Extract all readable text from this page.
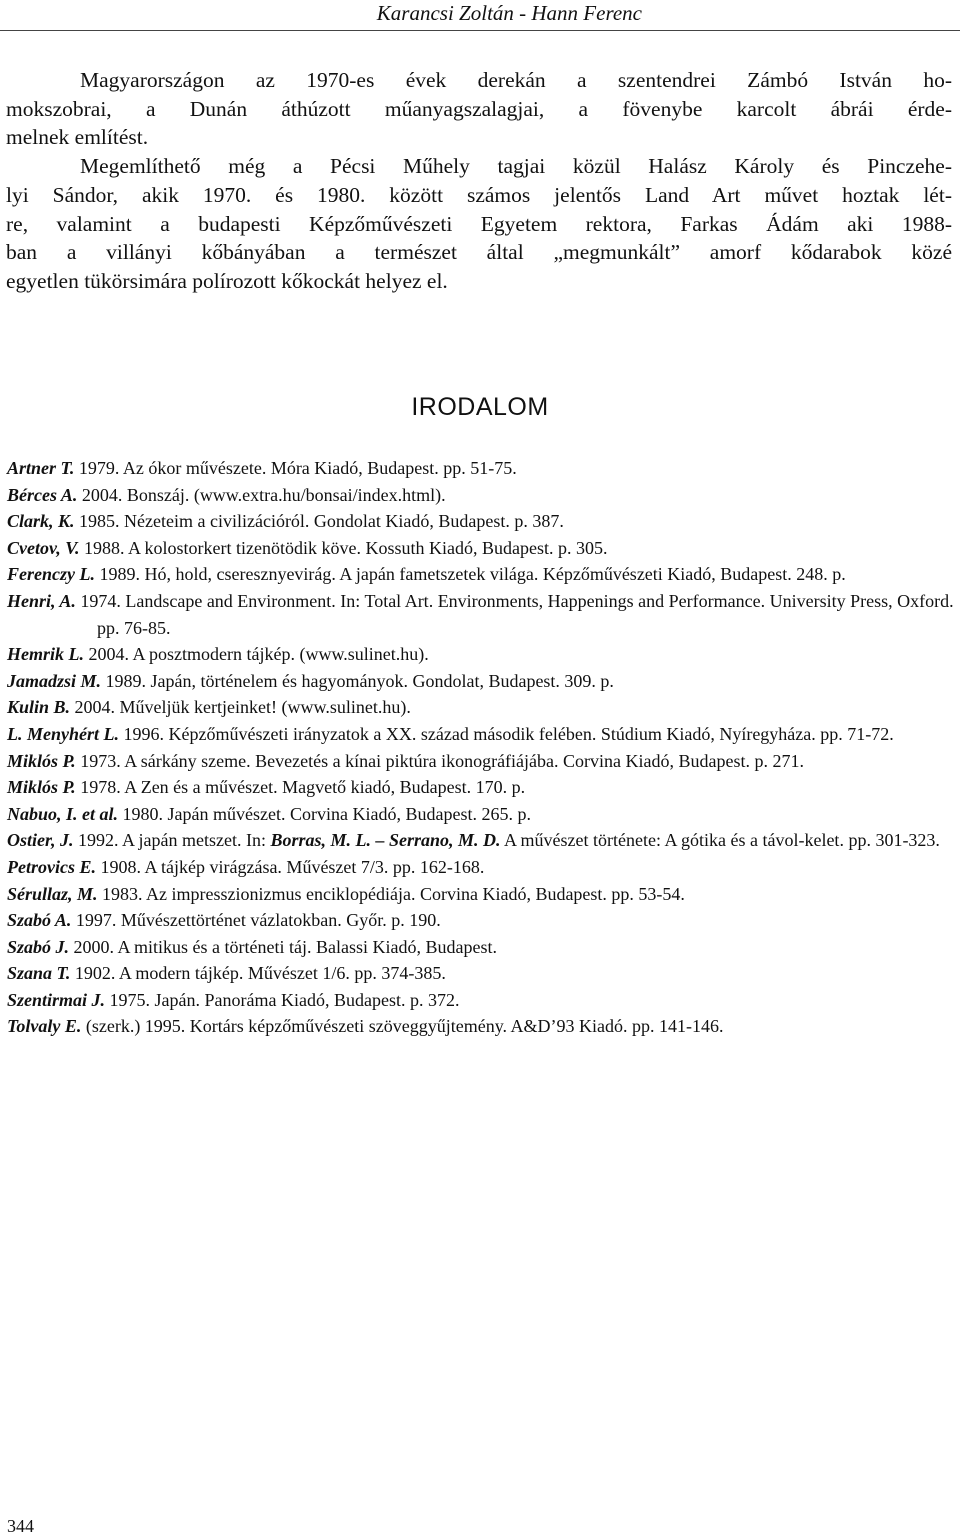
Karancsi Zoltán - Hann Ferenc

Magyarországon az 1970-es évek derekán a szentendrei Zámbó István ho-
mokszobrai, a Dunán áthúzott műanyagszalagjai, a fövenybe karcolt ábrái érde-
melnek említést.

Megemlíthető még a Pécsi Műhely tagjai közül Halász Károly és Pinczehe-
lyi Sándor, akik 1970. és 1980. között számos jelentős Land Art művet hoztak lét-
re, valamint a budapesti Képzőművészeti Egyetem rektora, Farkas Ádám aki 1988-
ban a villányi kőbányában a természet által „megmunkált” amorf kődarabok közé
egyetlen tükörsimára polírozott kőkockát helyez el.

IRODALOM

Artner T. 1979. Az ókor művészete. Móra Kiadó, Budapest. pp. 51-75.

Bérces A. 2004. Bonszáj. (www.extra.hu/bonsai/index.html).

Clark, K. 1985. Nézeteim a civilizációról. Gondolat Kiadó, Budapest. p. 387.

Cvetov, V. 1988. A kolostorkert tizenötödik köve. Kossuth Kiadó, Budapest. p. 305.

Ferenczy L. 1989. Hó, hold, cseresznyevirág. A japán fametszetek világa. Képzőművészeti Kiadó, Budapest. 248. p.

Henri, A. 1974. Landscape and Environment. In: Total Art. Environments, Happenings and Performance. University Press, Oxford. pp. 76-85.

Hemrik L. 2004. A posztmodern tájkép. (www.sulinet.hu).

Jamadzsi M. 1989. Japán, történelem és hagyományok. Gondolat, Budapest. 309. p.

Kulin B. 2004. Műveljük kertjeinket! (www.sulinet.hu).

L. Menyhért L. 1996. Képzőművészeti irányzatok a XX. század második felében. Stúdium Kiadó, Nyíregyháza. pp. 71-72.

Miklós P. 1973. A sárkány szeme. Bevezetés a kínai piktúra ikonográfiájába. Corvina Kiadó, Budapest. p. 271.

Miklós P. 1978. A Zen és a művészet. Magvető kiadó, Budapest. 170. p.

Nabuo, I. et al. 1980. Japán művészet. Corvina Kiadó, Budapest. 265. p.

Ostier, J. 1992. A japán metszet. In: Borras, M. L. – Serrano, M. D. A művészet története: A gótika és a távol-kelet. pp. 301-323.

Petrovics E. 1908. A tájkép virágzása. Művészet 7/3. pp. 162-168.

Sérullaz, M. 1983. Az impresszionizmus enciklopédiája. Corvina Kiadó, Budapest. pp. 53-54.

Szabó A. 1997. Művészettörténet vázlatokban. Győr. p. 190.

Szabó J. 2000. A mitikus és a történeti táj. Balassi Kiadó, Budapest.

Szana T. 1902. A modern tájkép. Művészet 1/6. pp. 374-385.

Szentirmai J. 1975. Japán. Panoráma Kiadó, Budapest. p. 372.

Tolvaly E. (szerk.) 1995. Kortárs képzőművészeti szöveggyűjtemény. A&D’93 Kiadó. pp. 141-146.

344
